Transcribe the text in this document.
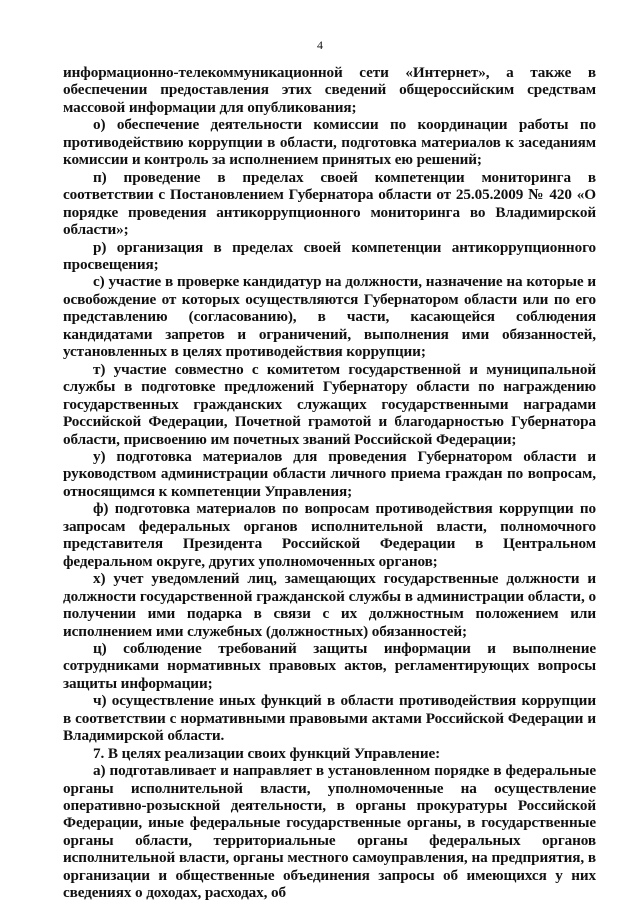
4

информационно-телекоммуникационной сети «Интернет», а также в обеспечении предоставления этих сведений общероссийским средствам массовой информации для опубликования;

о) обеспечение деятельности комиссии по координации работы по противодействию коррупции в области, подготовка материалов к заседаниям комиссии и контроль за исполнением принятых ею решений;

п) проведение в пределах своей компетенции мониторинга в соответствии с Постановлением Губернатора области от 25.05.2009 № 420 «О порядке проведения антикоррупционного мониторинга во Владимирской области»;

р) организация в пределах своей компетенции антикоррупционного просвещения;

с) участие в проверке кандидатур на должности, назначение на которые и освобождение от которых осуществляются Губернатором области или по его представлению (согласованию), в части, касающейся соблюдения кандидатами запретов и ограничений, выполнения ими обязанностей, установленных в целях противодействия коррупции;

т) участие совместно с комитетом государственной и муниципальной службы в подготовке предложений Губернатору области по награждению государственных гражданских служащих государственными наградами Российской Федерации, Почетной грамотой и благодарностью Губернатора области, присвоению им почетных званий Российской Федерации;

у) подготовка материалов для проведения Губернатором области и руководством администрации области личного приема граждан по вопросам, относящимся к компетенции Управления;

ф) подготовка материалов по вопросам противодействия коррупции по запросам федеральных органов исполнительной власти, полномочного представителя Президента Российской Федерации в Центральном федеральном округе, других уполномоченных органов;

х) учет уведомлений лиц, замещающих государственные должности и должности государственной гражданской службы в администрации области, о получении ими подарка в связи с их должностным положением или исполнением ими служебных (должностных) обязанностей;

ц) соблюдение требований защиты информации и выполнение сотрудниками нормативных правовых актов, регламентирующих вопросы защиты информации;

ч) осуществление иных функций в области противодействия коррупции в соответствии с нормативными правовыми актами Российской Федерации и Владимирской области.

7. В целях реализации своих функций Управление:

а) подготавливает и направляет в установленном порядке в федеральные органы исполнительной власти, уполномоченные на осуществление оперативно-розыскной деятельности, в органы прокуратуры Российской Федерации, иные федеральные государственные органы, в государственные органы области, территориальные органы федеральных органов исполнительной власти, органы местного самоуправления, на предприятия, в организации и общественные объединения запросы об имеющихся у них сведениях о доходах, расходах, об
